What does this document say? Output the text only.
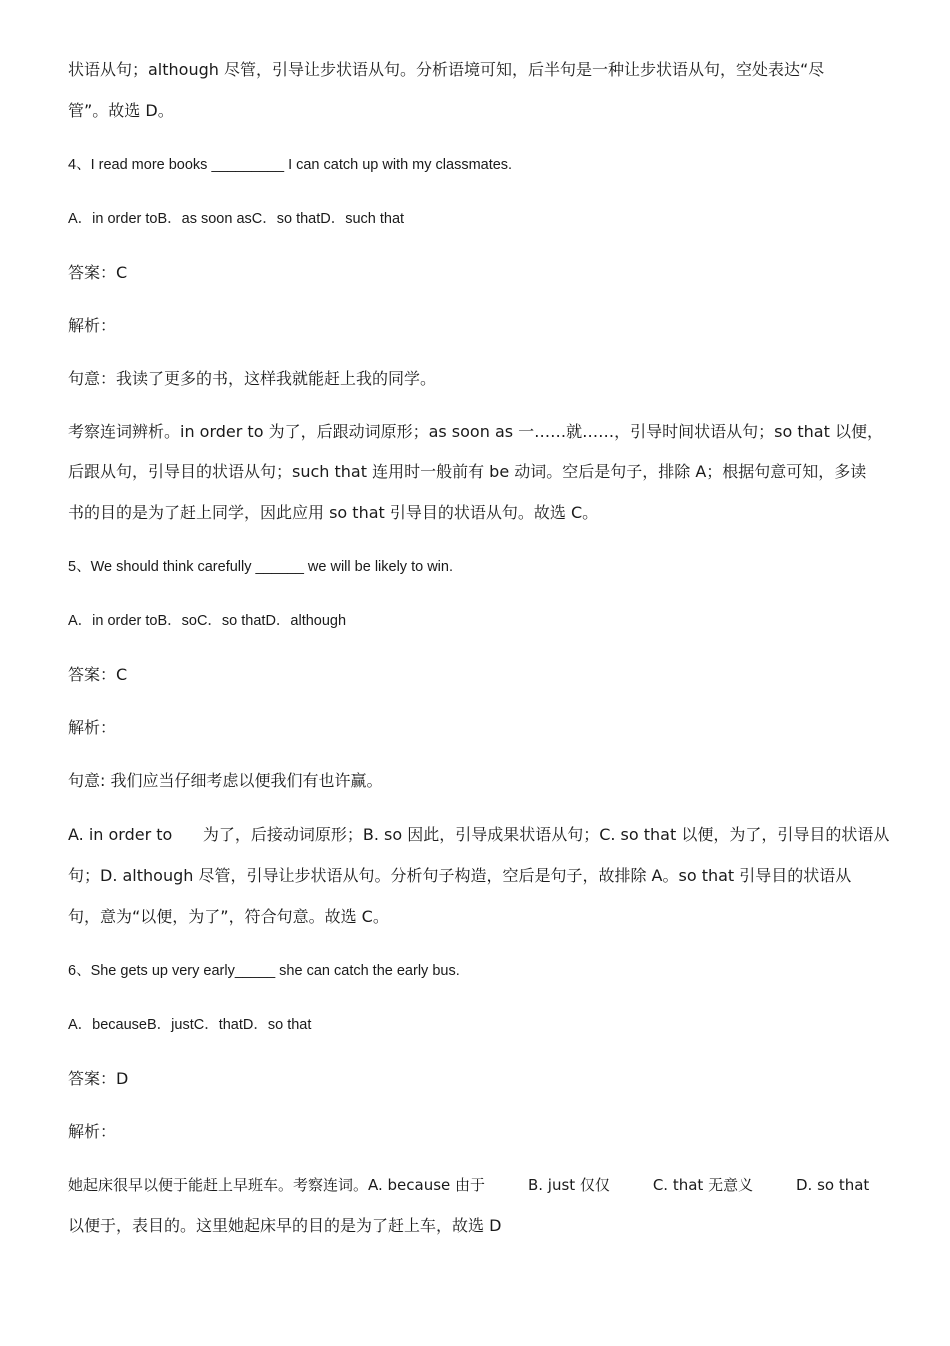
状语从句；although 尽管，引导让步状语从句。分析语境可知，后半句是一种让步状语从句，空处表达“尽

管”。故选 D。

4、I read more books _________ I can catch up with my classmates.

A．in order toB．as soon asC．so thatD．such that

答案：C

解析：

句意：我读了更多的书，这样我就能赶上我的同学。

考察连词辨析。in order to 为了，后跟动词原形；as soon as 一……就……，引导时间状语从句；so that 以便，

后跟从句，引导目的状语从句；such that 连用时一般前有 be 动词。空后是句子，排除 A；根据句意可知，多读

书的目的是为了赶上同学，因此应用 so that 引导目的状语从句。故选 C。

5、We should think carefully ______ we will be likely to win.

A．in order toB．soC．so thatD．although

答案：C

解析：

句意: 我们应当仔细考虑以便我们有也许赢。

A. in order to      为了，后接动词原形；B. so 因此，引导成果状语从句；C. so that 以便，为了，引导目的状语从

句；D. although 尽管，引导让步状语从句。分析句子构造，空后是句子，故排除 A。so that 引导目的状语从

句，意为“以便，为了”，符合句意。故选 C。

6、She gets up very early_____ she can catch the early bus.

A．becauseB．justC．thatD．so that

答案：D

解析：

她起床很早以便于能赶上早班车。考察连词。A. because 由于         B. just 仅仅         C. that 无意义         D. so that

以便于，表目的。这里她起床早的目的是为了赶上车，故选 D
